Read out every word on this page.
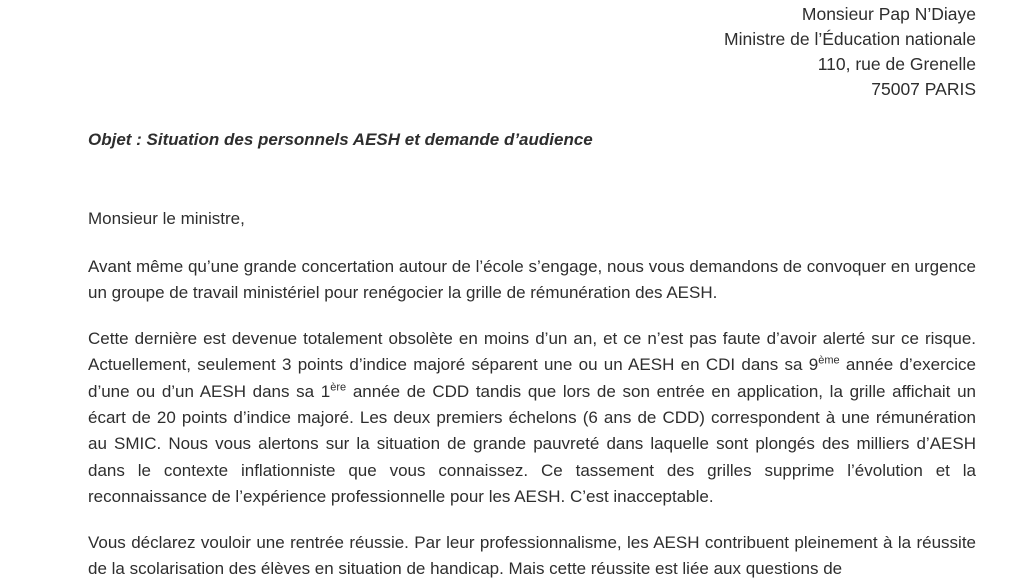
Monsieur Pap N’Diaye
Ministre de l’Éducation nationale
110, rue de Grenelle
75007 PARIS
Objet : Situation des personnels AESH et demande d’audience
Monsieur le ministre,

Avant même qu’une grande concertation autour de l’école s’engage, nous vous demandons de convoquer en urgence un groupe de travail ministériel pour renégocier la grille de rémunération des AESH.

Cette dernière est devenue totalement obsolète en moins d’un an, et ce n’est pas faute d’avoir alerté sur ce risque. Actuellement, seulement 3 points d’indice majoré séparent une ou un AESH en CDI dans sa 9ème année d’exercice d’une ou d’un AESH dans sa 1ère année de CDD tandis que lors de son entrée en application, la grille affichait un écart de 20 points d’indice majoré. Les deux premiers échelons (6 ans de CDD) correspondent à une rémunération au SMIC. Nous vous alertons sur la situation de grande pauvreté dans laquelle sont plongés des milliers d’AESH dans le contexte inflationniste que vous connaissez. Ce tassement des grilles supprime l’évolution et la reconnaissance de l’expérience professionnelle pour les AESH. C’est inacceptable.

Vous déclarez vouloir une rentrée réussie. Par leur professionnalisme, les AESH contribuent pleinement à la réussite de la scolarisation des élèves en situation de handicap. Mais cette réussite est liée aux questions de
